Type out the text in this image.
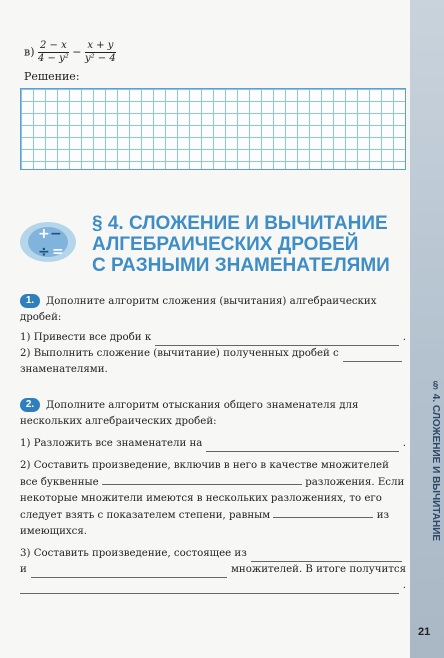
§ 4. СЛОЖЕНИЕ И ВЫЧИТАНИЕ
$в) \frac{2 - x}{\text{4 − y²}} - \frac{x + y}{\text{y² − 4}}$
Решение:
+ −
÷ =
§ 4. СЛОЖЕНИЕ И ВЫЧИТАНИЕ
АЛГЕБРАИЧЕСКИХ ДРОБЕЙ
С РАЗНЫМИ ЗНАМЕНАТЕЛЯМИ
1. Дополните алгоритм сложения (вычитания) алгебраических дробей:
1) Привести все дроби к	.
2) Выполнить сложение (вычитание) полученных дробей с
знаменателями.
2. Дополните алгоритм отыскания общего знаменателя для нескольких алгебраических дробей:
1) Разложить все знаменатели на	.
2) Составить произведение, включив в него в качестве множителей все буквенные	разложения. Если некоторые множители имеются в нескольких разложениях, то его следует взять с показателем степени, равным	из имеющихся.
3) Составить произведение, состоящее из
и	множителей. В итоге получится
.
21
